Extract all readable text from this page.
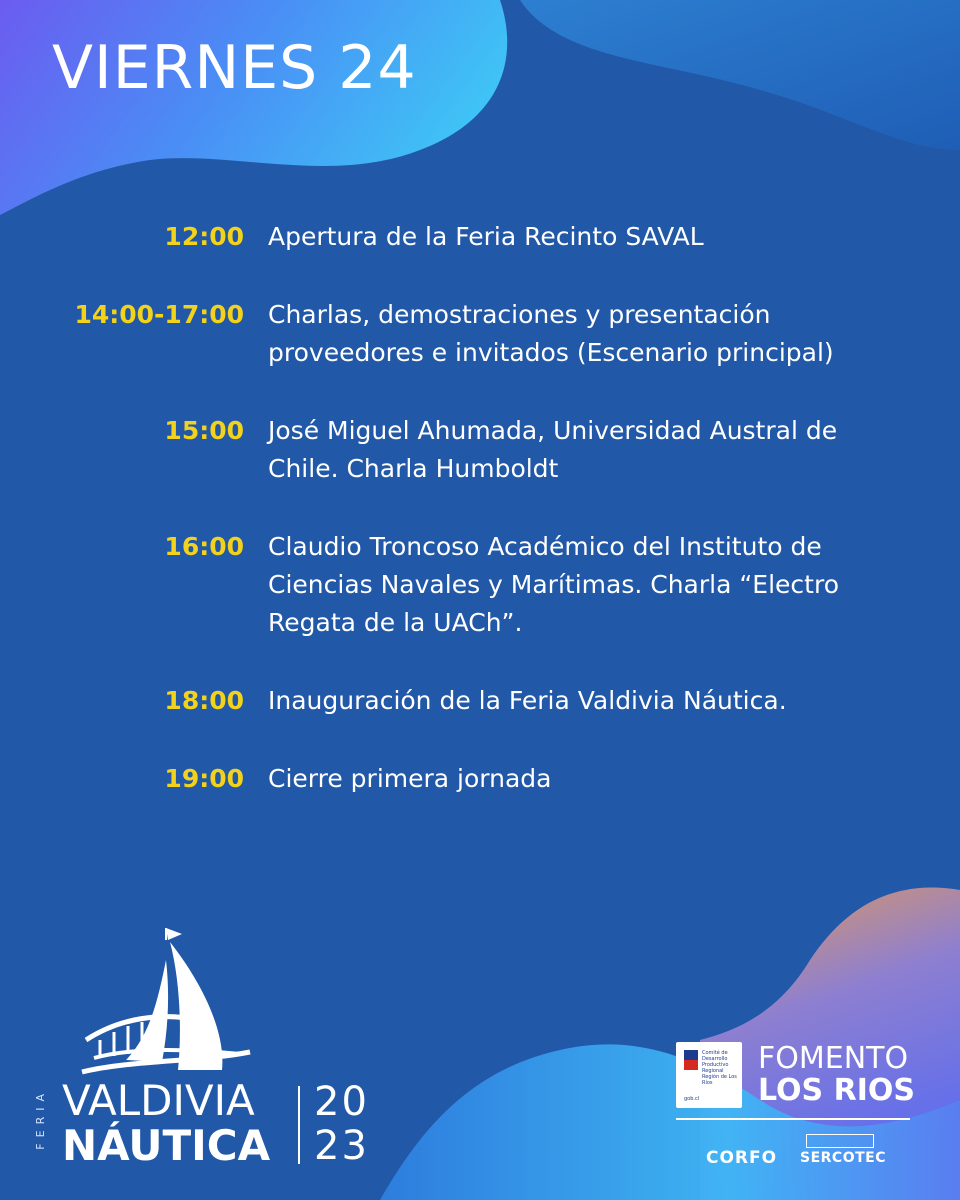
VIERNES 24
12:00 Apertura de la Feria Recinto SAVAL
14:00-17:00 Charlas, demostraciones y presentación proveedores e invitados (Escenario principal)
15:00 José Miguel Ahumada, Universidad Austral de Chile. Charla Humboldt
16:00 Claudio Troncoso Académico del Instituto de Ciencias Navales y Marítimas. Charla “Electro Regata de la UACh”.
18:00 Inauguración de la Feria Valdivia Náutica.
19:00 Cierre primera jornada
FERIA VALDIVIA
NÁUTICA
20
23
Comité de Desarrollo Productivo Regional Región de Los Ríos
gob.cl
FOMENTO
LOS RIOS
CORFO SERCOTEC
